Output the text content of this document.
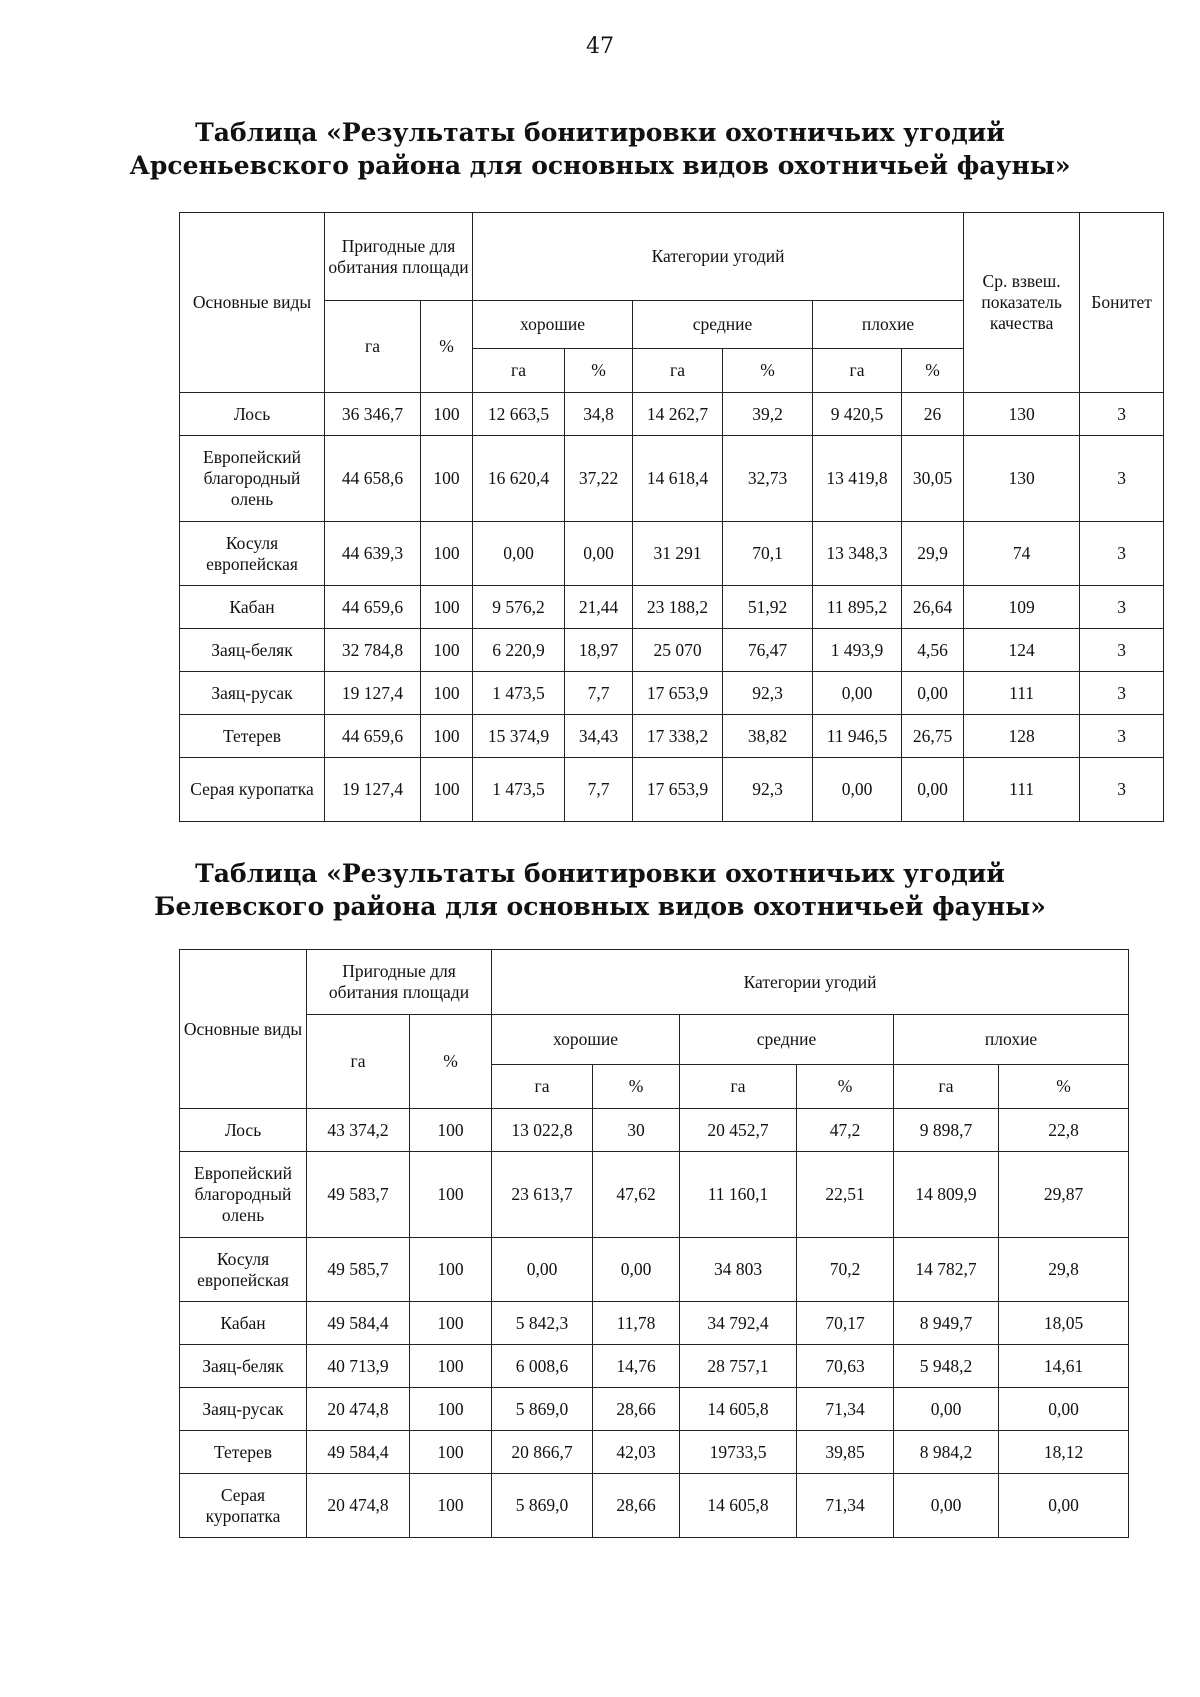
47
Таблица «Результаты бонитировки охотничьих угодий
Арсеньевского района для основных видов охотничьей фауны»
Основные виды	Пригодные для обитания площади		Категории угодий						Ср. взвеш. показатель качества	Бонитет
	га	%	хорошие		средние		плохие			
			га	%	га	%	га	%		
Лось	36 346,7	100	12 663,5	34,8	14 262,7	39,2	9 420,5	26	130	3
Европейский благородный олень	44 658,6	100	16 620,4	37,22	14 618,4	32,73	13 419,8	30,05	130	3
Косуля европейская	44 639,3	100	0,00	0,00	31 291	70,1	13 348,3	29,9	74	3
Кабан	44 659,6	100	9 576,2	21,44	23 188,2	51,92	11 895,2	26,64	109	3
Заяц-беляк	32 784,8	100	6 220,9	18,97	25 070	76,47	1 493,9	4,56	124	3
Заяц-русак	19 127,4	100	1 473,5	7,7	17 653,9	92,3	0,00	0,00	111	3
Тетерев	44 659,6	100	15 374,9	34,43	17 338,2	38,82	11 946,5	26,75	128	3
Серая куропатка	19 127,4	100	1 473,5	7,7	17 653,9	92,3	0,00	0,00	111	3
Таблица «Результаты бонитировки охотничьих угодий
Белевского района для основных видов охотничьей фауны»
Основные виды	Пригодные для обитания площади		Категории угодий					
	га	%	хорошие		средние		плохие	
			га	%	га	%	га	%
Лось	43 374,2	100	13 022,8	30	20 452,7	47,2	9 898,7	22,8
Европейский благородный олень	49 583,7	100	23 613,7	47,62	11 160,1	22,51	14 809,9	29,87
Косуля европейская	49 585,7	100	0,00	0,00	34 803	70,2	14 782,7	29,8
Кабан	49 584,4	100	5 842,3	11,78	34 792,4	70,17	8 949,7	18,05
Заяц-беляк	40 713,9	100	6 008,6	14,76	28 757,1	70,63	5 948,2	14,61
Заяц-русак	20 474,8	100	5 869,0	28,66	14 605,8	71,34	0,00	0,00
Тетерев	49 584,4	100	20 866,7	42,03	19733,5	39,85	8 984,2	18,12
Серая куропатка	20 474,8	100	5 869,0	28,66	14 605,8	71,34	0,00	0,00
